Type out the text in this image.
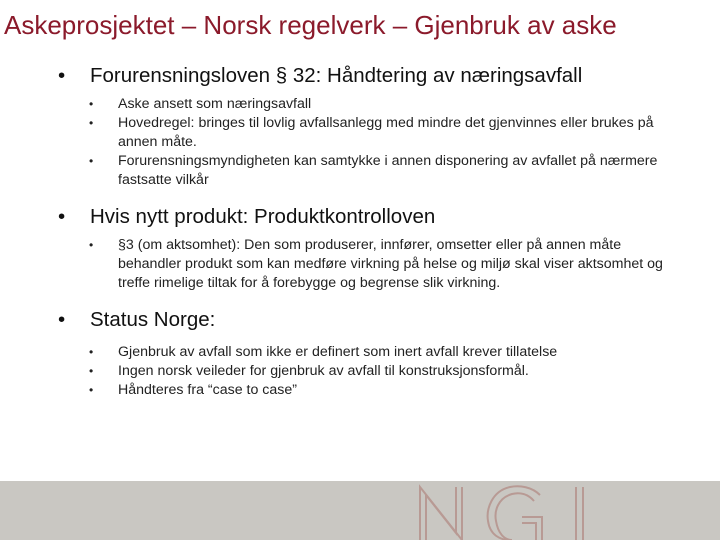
Askeprosjektet – Norsk regelverk – Gjenbruk av aske
• Forurensningsloven § 32: Håndtering av næringsavfall
• Aske ansett som næringsavfall
• Hovedregel: bringes til lovlig avfallsanlegg med mindre det gjenvinnes eller brukes på annen måte.
• Forurensningsmyndigheten kan samtykke i annen disponering av avfallet på nærmere fastsatte vilkår
• Hvis nytt produkt: Produktkontrolloven
• §3 (om aktsomhet): Den som produserer, innfører, omsetter eller på annen måte behandler produkt som kan medføre virkning på helse og miljø skal viser aktsomhet og treffe rimelige tiltak for å forebygge og begrense slik virkning.
• Status Norge:
• Gjenbruk av avfall som ikke er definert som inert avfall krever tillatelse
• Ingen norsk veileder for gjenbruk av avfall til konstruksjonsformål.
• Håndteres fra “case to case”
